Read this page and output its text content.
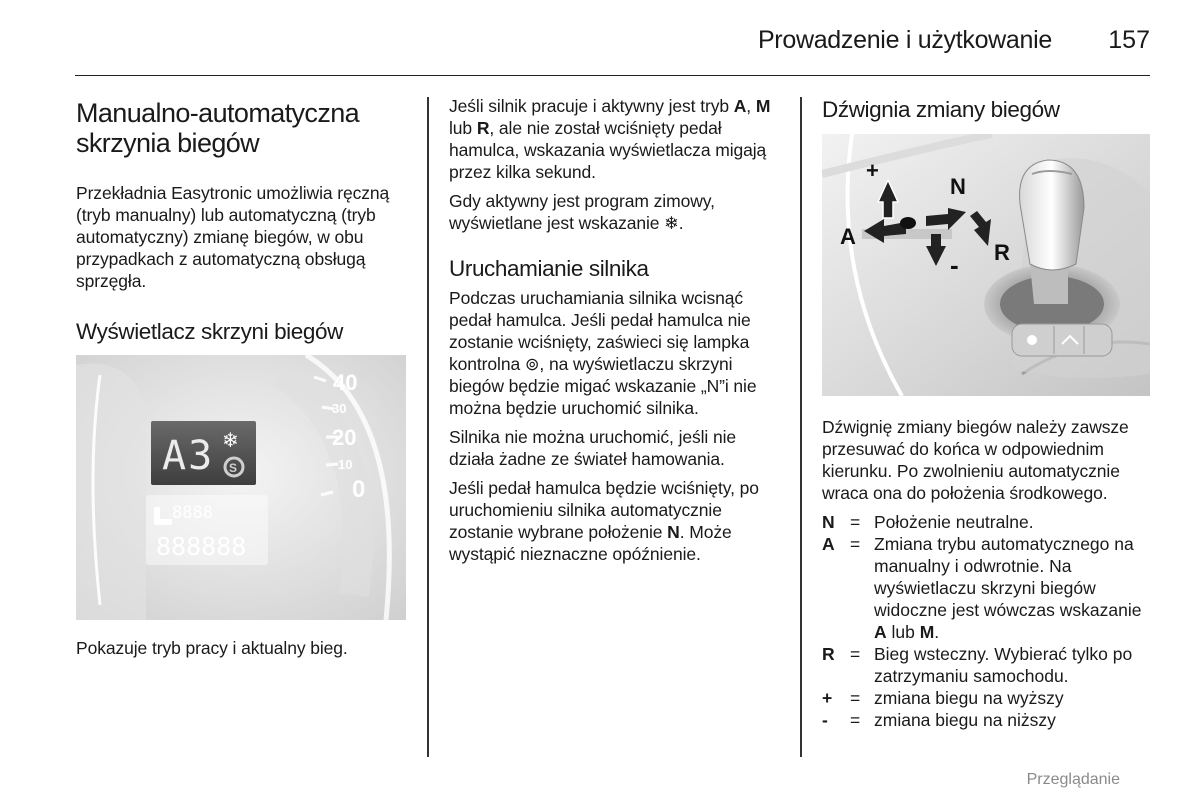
Prowadzenie i użytkowanie 157
Manualno-automatyczna skrzynia biegów

Przekładnia Easytronic umożliwia ręczną (tryb manualny) lub automatyczną (tryb automatyczny) zmianę biegów, w obu przypadkach z automatyczną obsługą sprzęgła.

Wyświetlacz skrzyni biegów
40
30
20
10
0
A3 ❄
S
8888
888888

Pokazuje tryb pracy i aktualny bieg.

Jeśli silnik pracuje i aktywny jest tryb A, M lub R, ale nie został wciśnięty pedał hamulca, wskazania wyświetlacza migają przez kilka sekund.

Gdy aktywny jest program zimowy, wyświetlane jest wskazanie ❄.

Uruchamianie silnika

Podczas uruchamiania silnika wcisnąć pedał hamulca. Jeśli pedał hamulca nie zostanie wciśnięty, zaświeci się lampka kontrolna ⊚, na wyświetlaczu skrzyni biegów będzie migać wskazanie „N”i nie można będzie uruchomić silnika.

Silnika nie można uruchomić, jeśli nie działa żadne ze świateł hamowania.

Jeśli pedał hamulca będzie wciśnięty, po uruchomieniu silnika automatycznie zostanie wybrane położenie N. Może wystąpić nieznaczne opóźnienie.

Dźwignia zmiany biegów
+
N
A
R
-

Dźwignię zmiany biegów należy zawsze przesuwać do końca w odpowiednim kierunku. Po zwolnieniu automatycznie wraca ona do położenia środkowego.

N = Położenie neutralne.
A = Zmiana trybu automatycznego na manualny i odwrotnie. Na wyświetlaczu skrzyni biegów widoczne jest wówczas wskazanie A lub M.
R = Bieg wsteczny. Wybierać tylko po zatrzymaniu samochodu.
+	= zmiana biegu na wyższy
-	= zmiana biegu na niższy
Przeglądanie
